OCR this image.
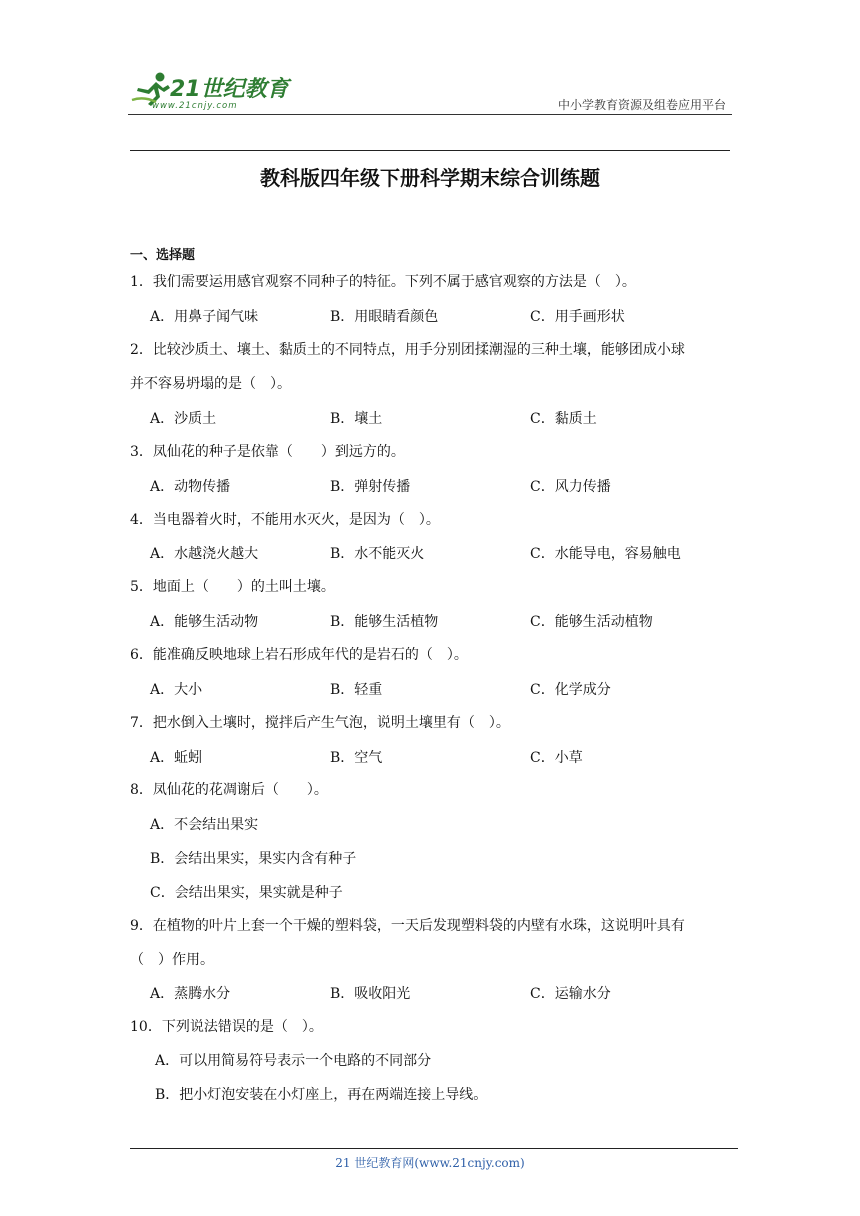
21世纪教育
www.21cnjy.com	中小学教育资源及组卷应用平台
教科版四年级下册科学期末综合训练题
一、选择题
1．我们需要运用感官观察不同种子的特征。下列不属于感官观察的方法是（　）。
A．用鼻子闻气味	B．用眼睛看颜色	C．用手画形状
2．比较沙质土、壤土、黏质土的不同特点，用手分别团揉潮湿的三种土壤，能够团成小球
并不容易坍塌的是（　）。
A．沙质土	B．壤土	C．黏质土
3．凤仙花的种子是依靠（　　）到远方的。
A．动物传播	B．弹射传播	C．风力传播
4．当电器着火时，不能用水灭火，是因为（　）。
A．水越浇火越大	B．水不能灭火	C．水能导电，容易触电
5．地面上（　　）的土叫土壤。
A．能够生活动物	B．能够生活植物	C．能够生活动植物
6．能准确反映地球上岩石形成年代的是岩石的（　）。
A．大小	B．轻重	C．化学成分
7．把水倒入土壤时，搅拌后产生气泡，说明土壤里有（　）。
A．蚯蚓	B．空气	C．小草
8．凤仙花的花凋谢后（　　）。
A．不会结出果实
B．会结出果实，果实内含有种子
C．会结出果实，果实就是种子
9．在植物的叶片上套一个干燥的塑料袋，一天后发现塑料袋的内壁有水珠，这说明叶具有
（　）作用。
A．蒸腾水分	B．吸收阳光	C．运输水分
10．下列说法错误的是（　）。
A．可以用简易符号表示一个电路的不同部分
B．把小灯泡安装在小灯座上，再在两端连接上导线。
21 世纪教育网(www.21cnjy.com)
